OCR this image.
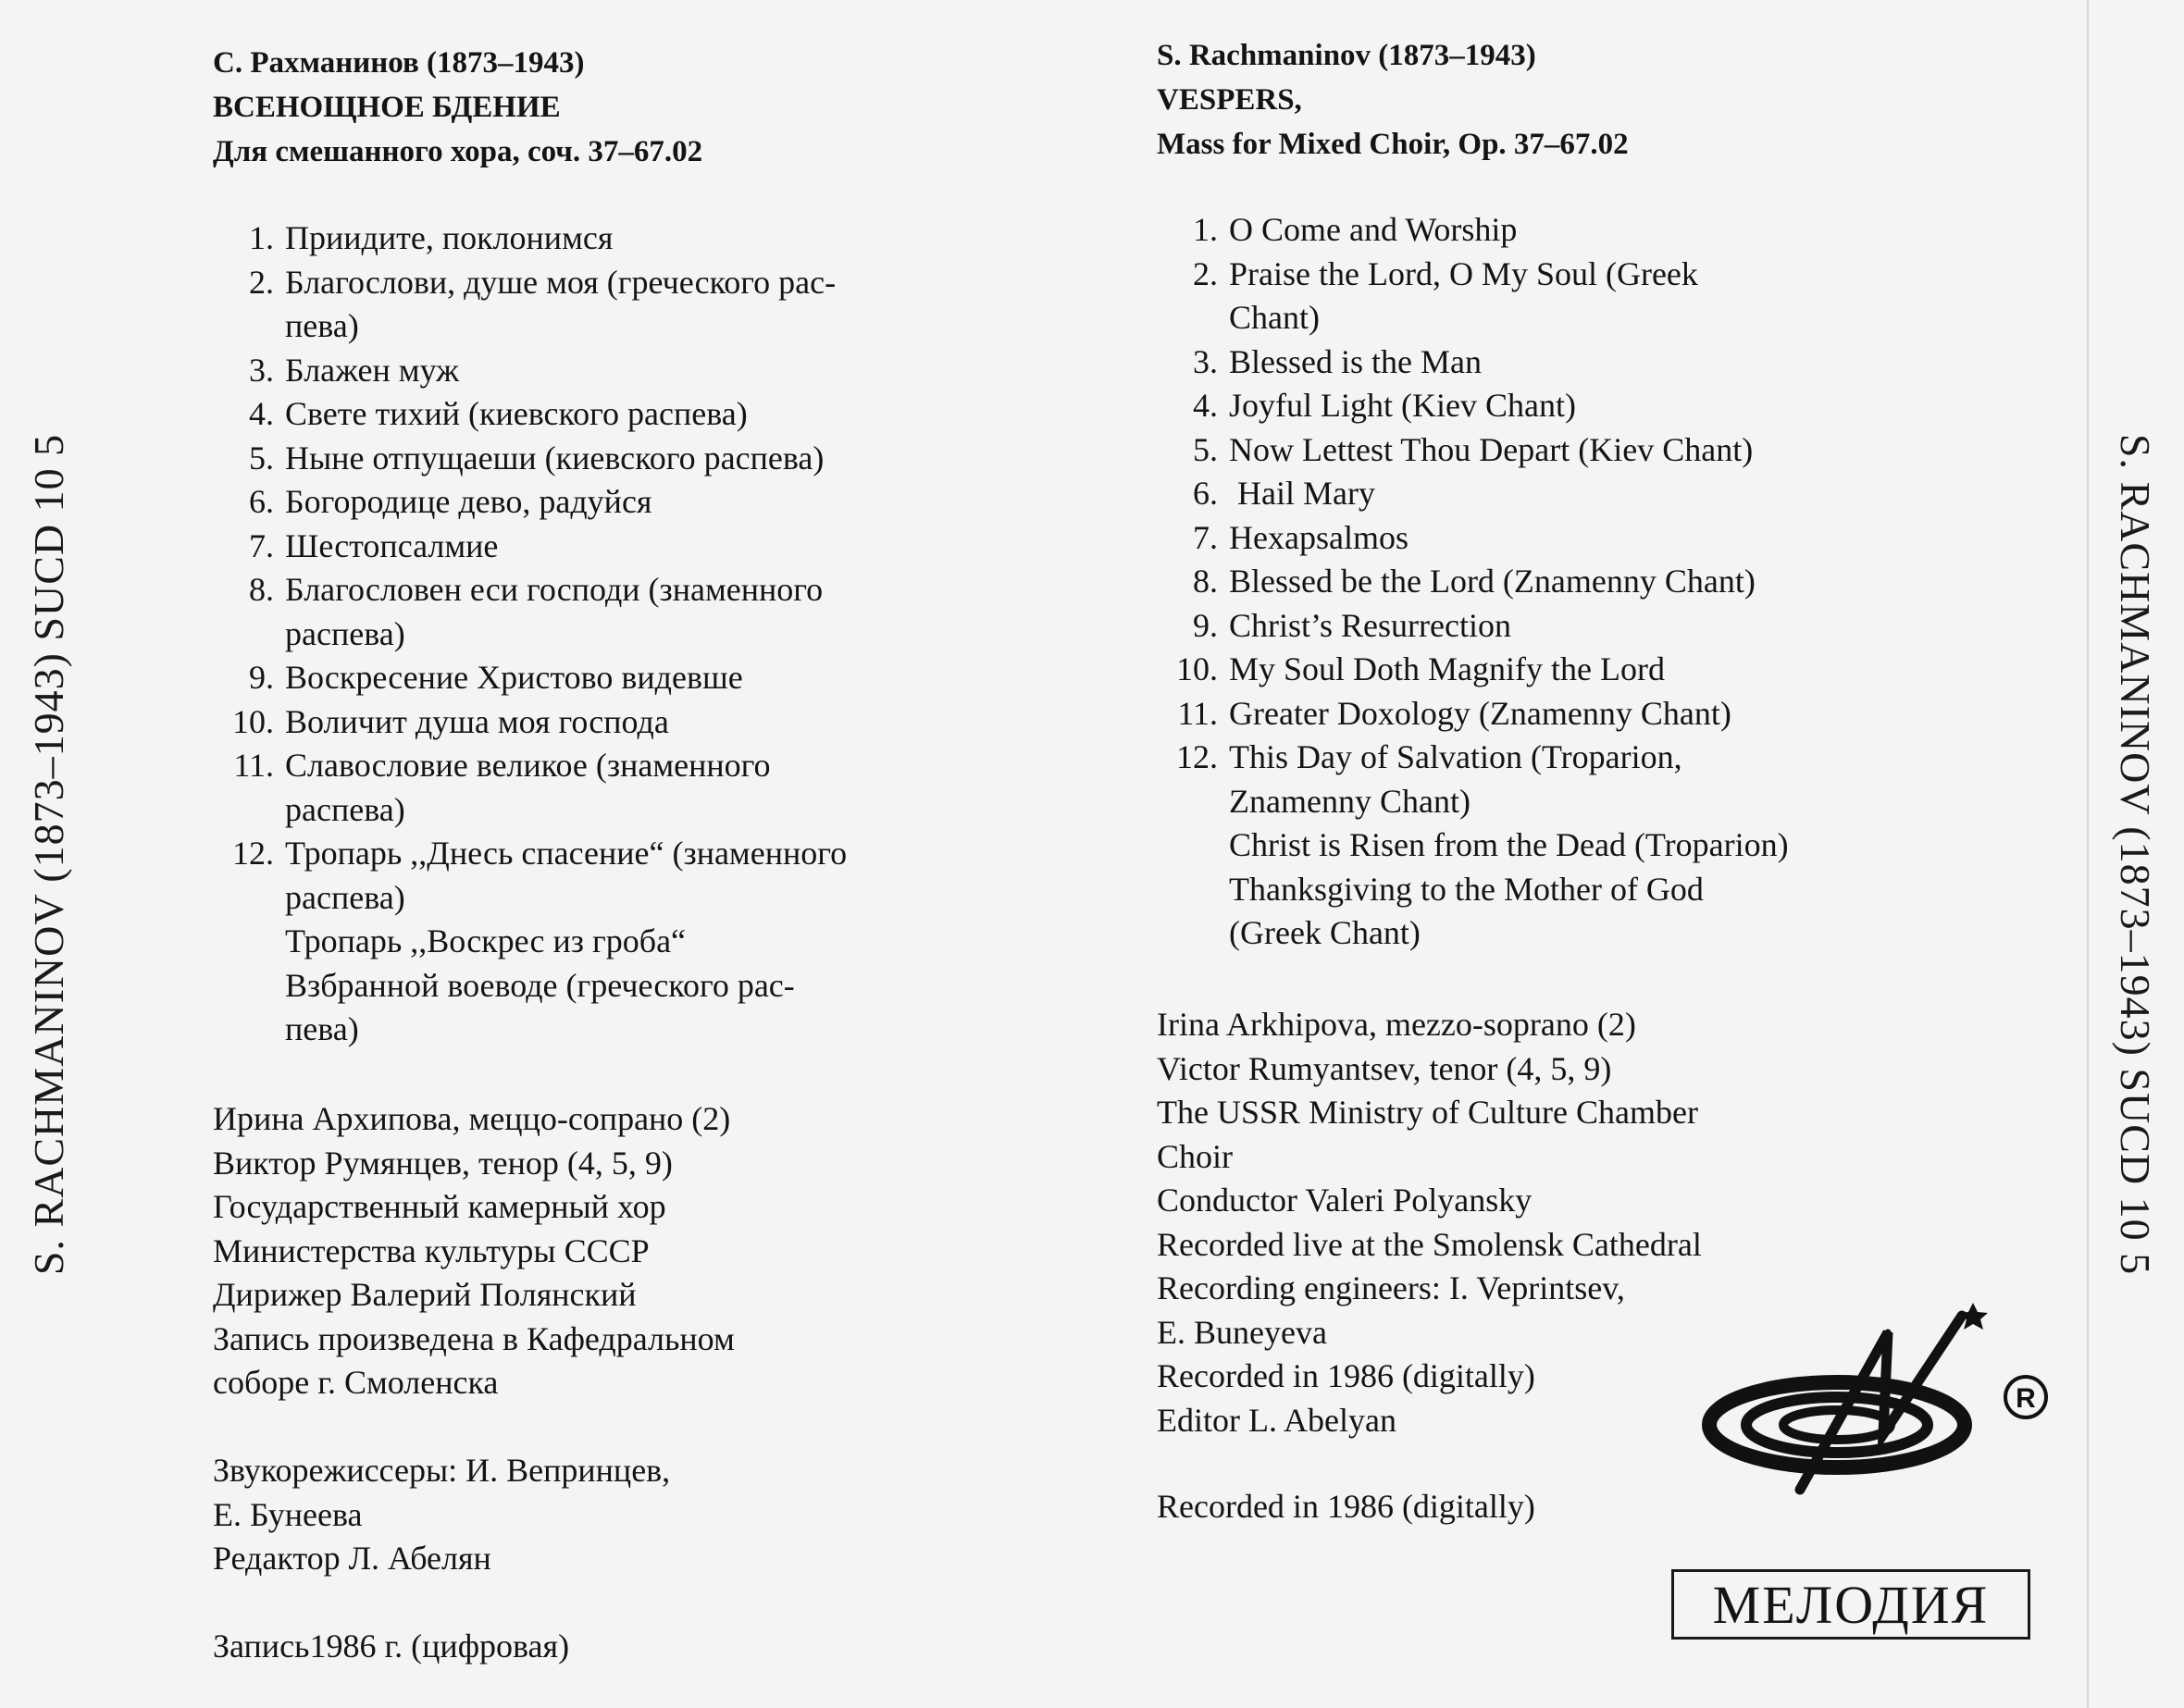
S. RACHMANINOV (1873–1943) SUCD 10 5	S. RACHMANINOV (1873–1943) SUCD 10 5
С. Рахманинов (1873–1943)
ВСЕНОЩНОЕ БДЕНИЕ
Для смешанного хора, соч. 37–67.02
1. Приидите, поклонимся
2. Благослови, душе моя (греческого рас-
пева)
3. Блажен муж
4. Свете тихий (киевского распева)
5. Ныне отпущаеши (киевского распева)
6. Богородице дево, радуйся
7. Шестопсалмие
8. Благословен еси господи (знаменного
распева)
9. Воскресение Христово видевше
10. Воличит душа моя господа
11. Славословие великое (знаменного
распева)
12. Тропарь ,,Днесь спасение“ (знаменного
распева)
Тропарь ,,Воскрес из гроба“
Взбранной воеводе (греческого рас-
пева)
Ирина Архипова, меццо-сопрано (2)
Виктор Румянцев, тенор (4, 5, 9)
Государственный камерный хор
Министерства культуры СССР
Дирижер Валерий Полянский
Запись произведена в Кафедральном
соборе г. Смоленска
Звукорежиссеры: И. Вепринцев,
Е. Бунеева
Редактор Л. Абелян
Запись1986 г. (цифровая)
S. Rachmaninov (1873–1943)
VESPERS,
Mass for Mixed Choir, Op. 37–67.02
1. O Come and Worship
2. Praise the Lord, O My Soul (Greek
Chant)
3. Blessed is the Man
4. Joyful Light (Kiev Chant)
5. Now Lettest Thou Depart (Kiev Chant)
6. Hail Mary
7. Hexapsalmos
8. Blessed be the Lord (Znamenny Chant)
9. Christ’s Resurrection
10. My Soul Doth Magnify the Lord
11. Greater Doxology (Znamenny Chant)
12. This Day of Salvation (Troparion,
Znamenny Chant)
Christ is Risen from the Dead (Troparion)
Thanksgiving to the Mother of God
(Greek Chant)
Irina Arkhipova, mezzo-soprano (2)
Victor Rumyantsev, tenor (4, 5, 9)
The USSR Ministry of Culture Chamber
Choir
Conductor Valeri Polyansky
Recorded live at the Smolensk Cathedral
Recording engineers: I. Veprintsev,
E. Buneyeva
Recorded in 1986 (digitally)
Editor L. Abelyan
Recorded in 1986 (digitally)
R
МЕЛОДИЯ
